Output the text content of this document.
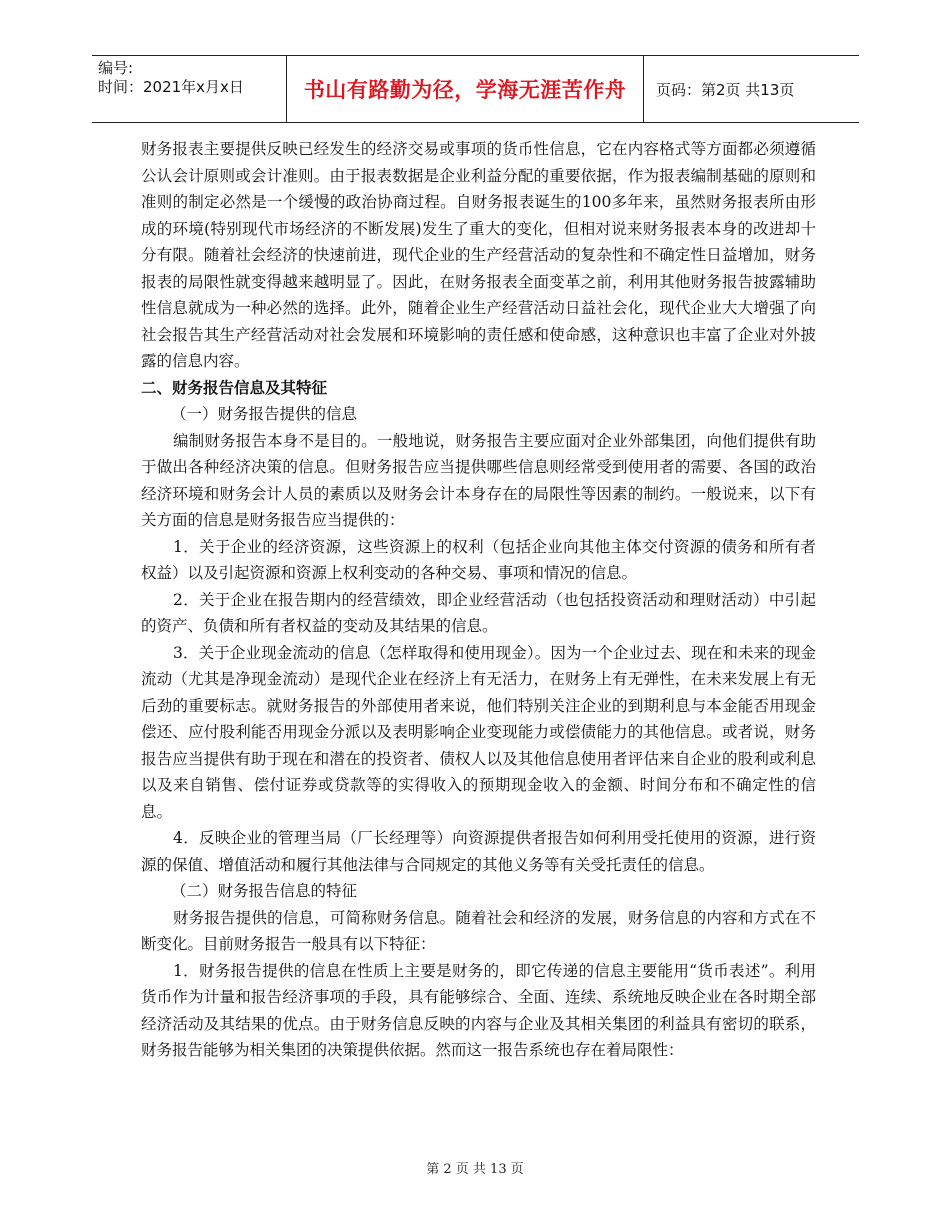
编号:
时间：2021年x月x日	书山有路勤为径，学海无涯苦作舟	页码：第2页 共13页

财务报表主要提供反映已经发生的经济交易或事项的货币性信息，它在内容格式等方面都必须遵循公认会计原则或会计准则。由于报表数据是企业利益分配的重要依据，作为报表编制基础的原则和准则的制定必然是一个缓慢的政治协商过程。自财务报表诞生的100多年来，虽然财务报表所由形成的环境(特别现代市场经济的不断发展)发生了重大的变化，但相对说来财务报表本身的改进却十分有限。随着社会经济的快速前进，现代企业的生产经营活动的复杂性和不确定性日益增加，财务报表的局限性就变得越来越明显了。因此，在财务报表全面变革之前，利用其他财务报告披露辅助性信息就成为一种必然的选择。此外，随着企业生产经营活动日益社会化，现代企业大大增强了向社会报告其生产经营活动对社会发展和环境影响的责任感和使命感，这种意识也丰富了企业对外披露的信息内容。

二、财务报告信息及其特征

（一）财务报告提供的信息

编制财务报告本身不是目的。一般地说，财务报告主要应面对企业外部集团，向他们提供有助于做出各种经济决策的信息。但财务报告应当提供哪些信息则经常受到使用者的需要、各国的政治经济环境和财务会计人员的素质以及财务会计本身存在的局限性等因素的制约。一般说来，以下有关方面的信息是财务报告应当提供的：

1．关于企业的经济资源，这些资源上的权利（包括企业向其他主体交付资源的债务和所有者权益）以及引起资源和资源上权利变动的各种交易、事项和情况的信息。

2．关于企业在报告期内的经营绩效，即企业经营活动（也包括投资活动和理财活动）中引起的资产、负债和所有者权益的变动及其结果的信息。

3．关于企业现金流动的信息（怎样取得和使用现金）。因为一个企业过去、现在和未来的现金流动（尤其是净现金流动）是现代企业在经济上有无活力，在财务上有无弹性，在未来发展上有无后劲的重要标志。就财务报告的外部使用者来说，他们特别关注企业的到期利息与本金能否用现金偿还、应付股利能否用现金分派以及表明影响企业变现能力或偿债能力的其他信息。或者说，财务报告应当提供有助于现在和潜在的投资者、债权人以及其他信息使用者评估来自企业的股利或利息以及来自销售、偿付证券或贷款等的实得收入的预期现金收入的金额、时间分布和不确定性的信息。

4．反映企业的管理当局（厂长经理等）向资源提供者报告如何利用受托使用的资源，进行资源的保值、增值活动和履行其他法律与合同规定的其他义务等有关受托责任的信息。

（二）财务报告信息的特征

财务报告提供的信息，可简称财务信息。随着社会和经济的发展，财务信息的内容和方式在不断变化。目前财务报告一般具有以下特征：

1．财务报告提供的信息在性质上主要是财务的，即它传递的信息主要能用“货币表述”。利用货币作为计量和报告经济事项的手段，具有能够综合、全面、连续、系统地反映企业在各时期全部经济活动及其结果的优点。由于财务信息反映的内容与企业及其相关集团的利益具有密切的联系，财务报告能够为相关集团的决策提供依据。然而这一报告系统也存在着局限性：

第 2 页 共 13 页
